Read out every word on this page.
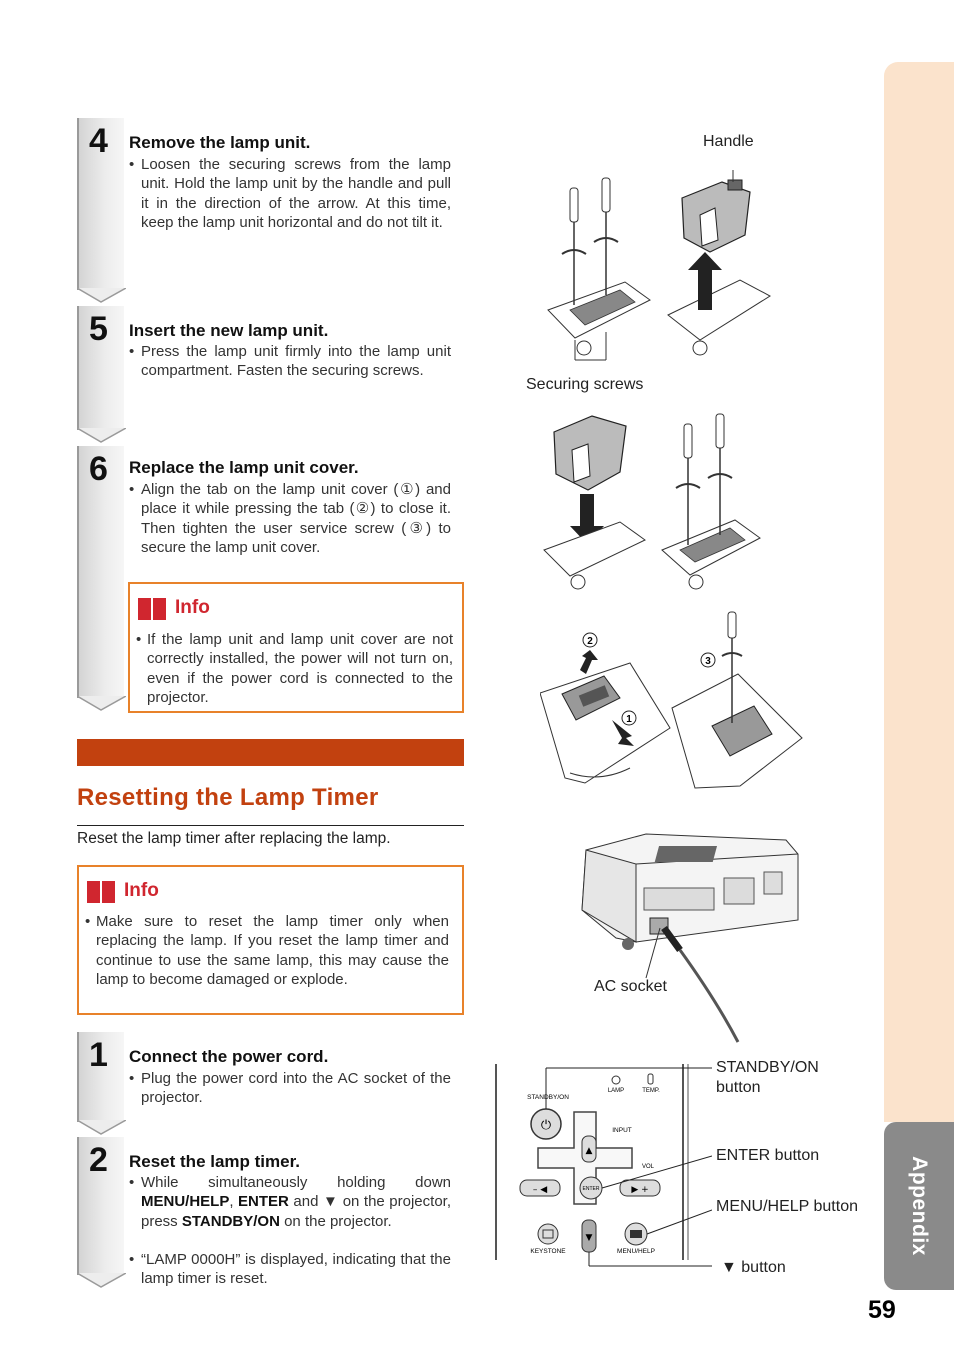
Appendix
59
4 Remove the lamp unit.
• Loosen the securing screws from the lamp unit. Hold the lamp unit by the handle and pull it in the direction of the arrow. At this time, keep the lamp unit horizontal and do not tilt it.
5 Insert the new lamp unit.
• Press the lamp unit firmly into the lamp unit compartment. Fasten the securing screws.
6 Replace the lamp unit cover.
• Align the tab on the lamp unit cover (①) and place it while pressing the tab (②) to close it. Then tighten the user service screw (③) to secure the lamp unit cover.
Info
• If the lamp unit and lamp unit cover are not correctly installed, the power will not turn on, even if the power cord is connected to the projector.
Resetting the Lamp Timer
Reset the lamp timer after replacing the lamp.
Info
• Make sure to reset the lamp timer only when replacing the lamp. If you reset the lamp timer and continue to use the same lamp, this may cause the lamp to become damaged or explode.
1 Connect the power cord.
• Plug the power cord into the AC socket of the projector.
2 Reset the lamp timer.
• While simultaneously holding down MENU/HELP, ENTER and ▼ on the projector, press STANDBY/ON on the projector.
• “LAMP 0000H” is displayed, indicating that the lamp timer is reset.
Handle
Securing screws
2
1
3
AC socket
⏻
STANDBY/ON
LAMP	TEMP.
INPUT
VOL
▲
▼
– ◀	▶ +
ENTER
KEYSTONE	MENU/HELP
STANDBY/ON button
ENTER button
MENU/HELP button
▼ button
